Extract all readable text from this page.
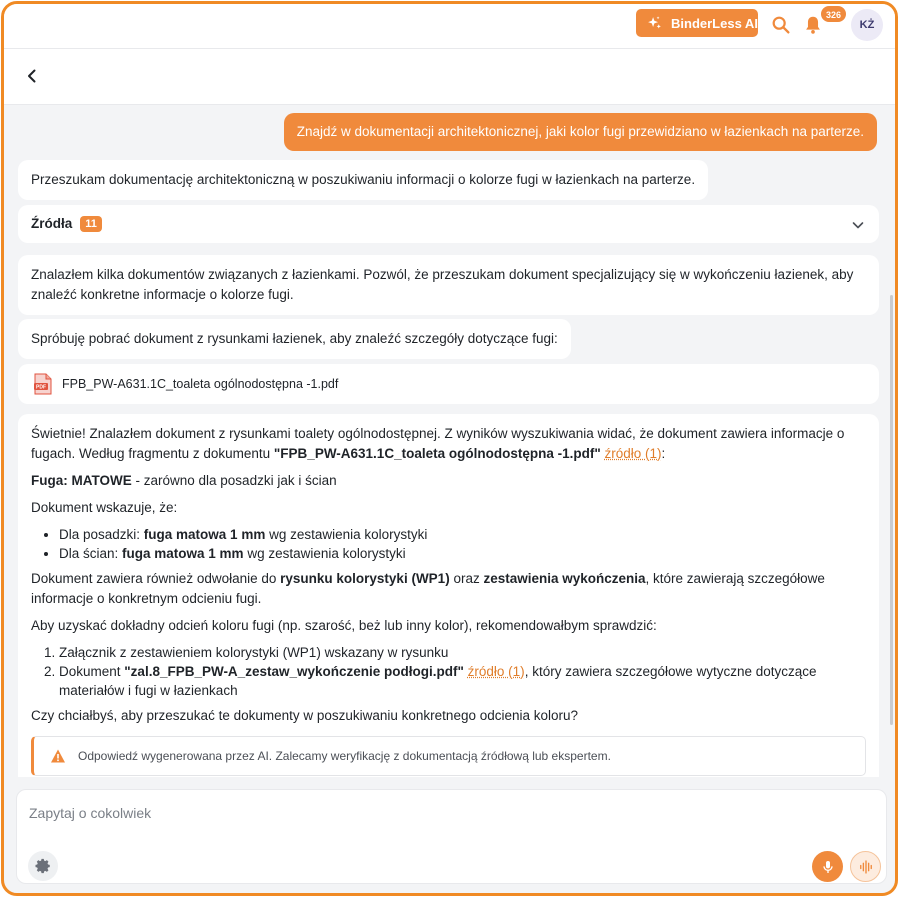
BinderLess AI
326
KŻ
Znajdź w dokumentacji architektonicznej, jaki kolor fugi przewidziano w łazienkach na parterze.
Przeszukam dokumentację architektoniczną w poszukiwaniu informacji o kolorze fugi w łazienkach na parterze.
Źródła	11
Znalazłem kilka dokumentów związanych z łazienkami. Pozwól, że przeszukam dokument specjalizujący się w wykończeniu łazienek, aby znaleźć konkretne informacje o kolorze fugi.
Spróbuję pobrać dokument z rysunkami łazienek, aby znaleźć szczegóły dotyczące fugi:
PDF FPB_PW-A631.1C_toaleta ogólnodostępna -1.pdf

Świetnie! Znalazłem dokument z rysunkami toalety ogólnodostępnej. Z wyników wyszukiwania widać, że dokument zawiera informacje o fugach. Według fragmentu z dokumentu "FPB_PW-A631.1C_toaleta ogólnodostępna -1.pdf" źródło (1):

Fuga: MATOWE - zarówno dla posadzki jak i ścian

Dokument wskazuje, że:

• Dla posadzki: fuga matowa 1 mm wg zestawienia kolorystyki
• Dla ścian: fuga matowa 1 mm wg zestawienia kolorystyki

Dokument zawiera również odwołanie do rysunku kolorystyki (WP1) oraz zestawienia wykończenia, które zawierają szczegółowe informacje o konkretnym odcieniu fugi.

Aby uzyskać dokładny odcień koloru fugi (np. szarość, beż lub inny kolor), rekomendowałbym sprawdzić:

1. Załącznik z zestawieniem kolorystyki (WP1) wskazany w rysunku
2. Dokument "zal.8_FPB_PW-A_zestaw_wykończenie podłogi.pdf" źródło (1), który zawiera szczegółowe wytyczne dotyczące materiałów i fugi w łazienkach

Czy chciałbyś, aby przeszukać te dokumenty w poszukiwaniu konkretnego odcienia koloru?

Odpowiedź wygenerowana przez AI. Zalecamy weryfikację z dokumentacją źródłową lub ekspertem.
Zapytaj o cokolwiek
